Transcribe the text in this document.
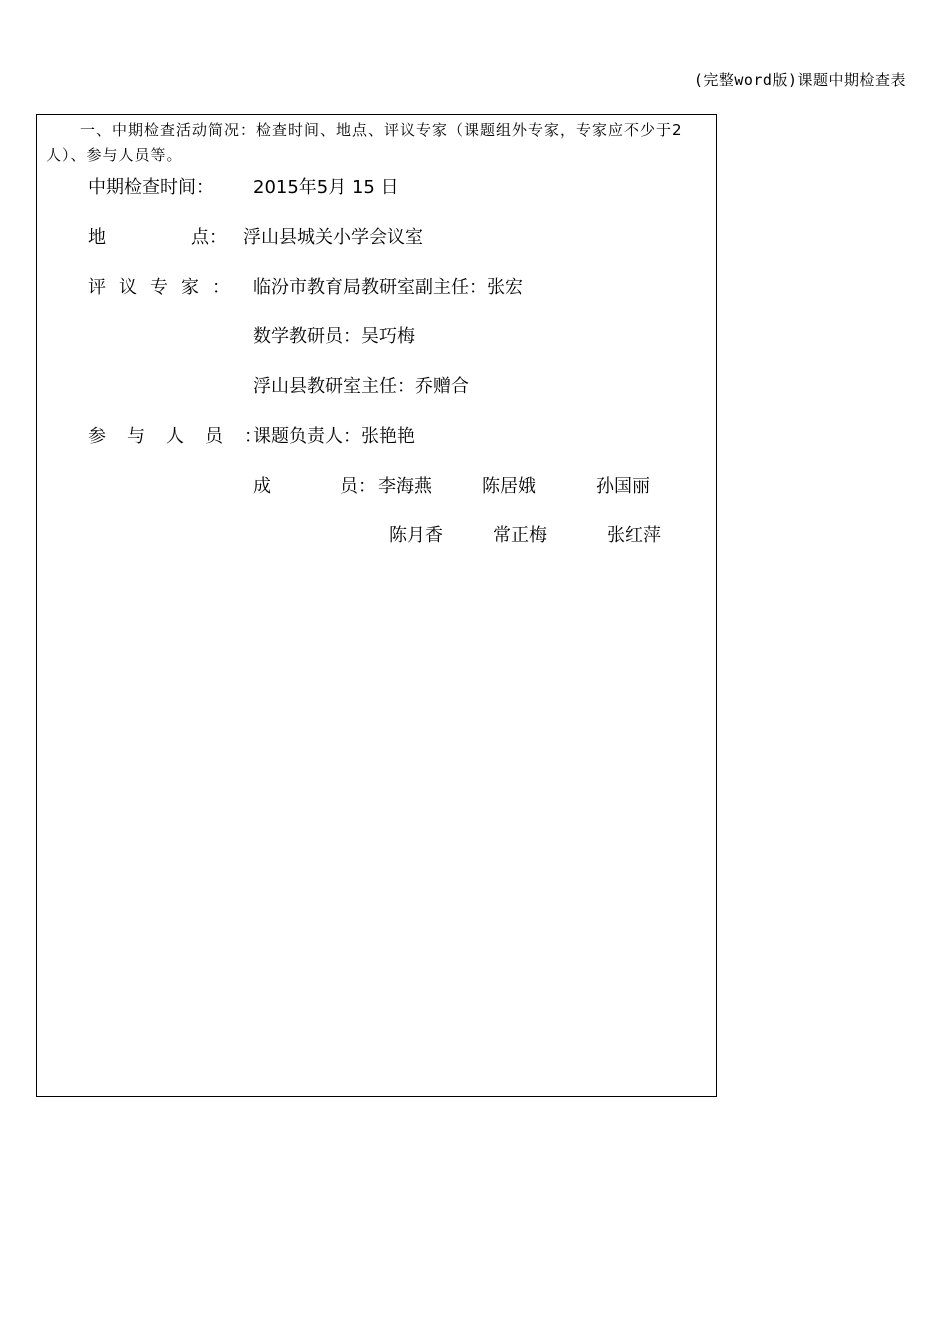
(完整word版)课题中期检查表
一、中期检查活动简况：检查时间、地点、评议专家（课题组外专家，专家应不少于2人）、参与人员等。
中期检查时间： 2015年5月 15 日
地	点： 浮山县城关小学会议室
评议专家： 临汾市教育局教研室副主任：张宏
数学教研员：吴巧梅
浮山县教研室主任：乔赠合
参与人员：
课题负责人：张艳艳
成	员： 李海燕	陈居娥	孙国丽
陈月香	常正梅	张红萍
